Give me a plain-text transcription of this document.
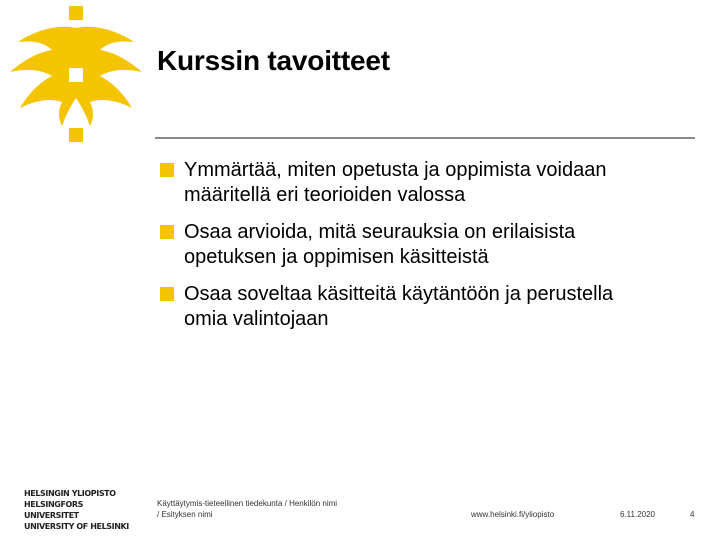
Kurssin tavoitteet
Ymmärtää, miten opetusta ja oppimista voidaan
määritellä eri teorioiden valossa
Osaa arvioida, mitä seurauksia on erilaisista
opetuksen ja oppimisen käsitteistä
Osaa soveltaa käsitteitä käytäntöön ja perustella
omia valintojaan
HELSINGIN YLIOPISTO
HELSINGFORS UNIVERSITET
UNIVERSITY OF HELSINKI
Käyttäytymis-tieteellinen tiedekunta / Henkilön nimi
/ Esityksen nimi	www.helsinki.fi/yliopisto	6.11.2020	4
